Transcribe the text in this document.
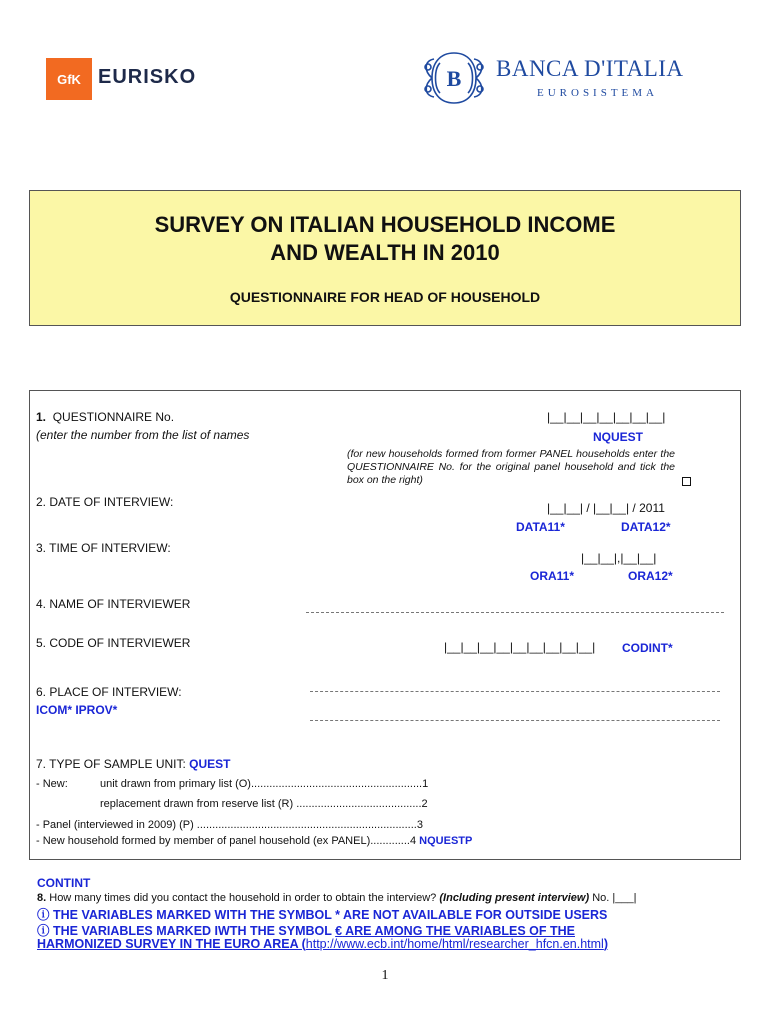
GfK EURISKO	B BANCA D'ITALIA
EUROSISTEMA
SURVEY ON ITALIAN HOUSEHOLD INCOME
AND WEALTH IN 2010
QUESTIONNAIRE FOR HEAD OF HOUSEHOLD
1. QUESTIONNAIRE No.
(enter the number from the list of names
|__|__|__|__|__|__|__|
NQUEST
(for new households formed from former PANEL households enter the QUESTIONNAIRE No. for the original panel household and tick the box on the right)
2. DATE OF INTERVIEW:	|__|__| / |__|__| / 2011
DATA11*	DATA12*
3. TIME OF INTERVIEW:
|__|__|,|__|__|
ORA11*	ORA12*
4. NAME OF INTERVIEWER
5. CODE OF INTERVIEWER	|__|__|__|__|__|__|__|__|__| CODINT*
6. PLACE OF INTERVIEW:
ICOM* IPROV*
7. TYPE OF SAMPLE UNIT: QUEST
- New:	unit drawn from primary list (O)........................................................1
replacement drawn from reserve list (R) .........................................2
- Panel (interviewed in 2009) (P) ........................................................................3
- New household formed by member of panel household (ex PANEL).............4 NQUESTP
CONTINT
8. How many times did you contact the household in order to obtain the interview? (Including present interview) No. |___|
ⓘ THE VARIABLES MARKED WITH THE SYMBOL * ARE NOT AVAILABLE FOR OUTSIDE USERS
ⓘ THE VARIABLES MARKED IWTH THE SYMBOL € ARE AMONG THE VARIABLES OF THE
HARMONIZED SURVEY IN THE EURO AREA (http://www.ecb.int/home/html/researcher_hfcn.en.html)
1
